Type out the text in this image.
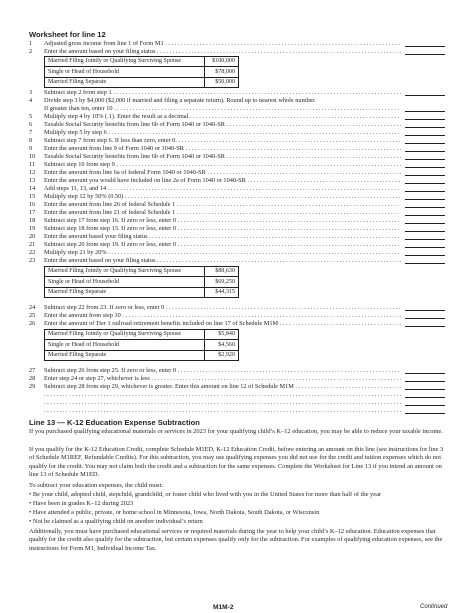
Worksheet for line 12
1	Adjusted gross income from line 1 of Form M1 . . .
2	Enter the amount based on your filing status . . .
Married Filing Jointly or Qualifying Surviving Spouse	$100,000
Single or Head of Household	$78,000
Married Filing Separate	$50,000
3	Subtract step 2 from step 1 . . .
4	Divide step 3 by $4,000 ($2,000 if married and filing a separate return). Round up to nearest whole number.
If greater than ten, enter 10 . . .
5	Multiply step 4 by 10% (.1). Enter the result as a decimal . . .
6	Taxable Social Security benefits from line 6b of Form 1040 or 1040-SR . . .
7	Multiply step 5 by step 6 . . .
8	Subtract step 7 from step 6. If less than zero, enter 0. . . .
9	Enter the amount from line 9 of Form 1040 or 1040-SR . . .
10	Taxable Social Security benefits from line 6b of Form 1040 or 1040-SR . . .
11	Subtract step 10 from step 9 . . .
12	Enter the amount from line 6a of federal Form 1040 or 1040-SR . . .
13	Enter the amount you would have included on line 2a of Form 1040 or 1040-SR . . .
14	Add steps 11, 13, and 14 . . .
15	Multiply step 12 by 50% (0.50) . . .
16	Enter the amount from line 26 of federal Schedule 1 . . .
17	Enter the amount from line 21 of federal Schedule 1 . . .
18	Subtract step 17 from step 16. If zero or less, enter 0 . . .
19	Subtract step 18 from step 15. If zero or less, enter 0 . . .
20	Enter the amount based your filing status . . .
21	Subtract step 20 from step 19. If zero or less, enter 0 . . .
22	Multiply step 21 by 20% . . .
23	Enter the amount based on your filing status . . .
Married Filing Jointly or Qualifying Surviving Spouse	$88,630
Single or Head of Household	$69,250
Married Filing Separate	$44,315
24	Subtract step 22 from 23. If zero or less, enter 0 . . .
25	Enter the amount from step 10 . . .
26	Enter the amount of Tier 1 railroad retirement benefits included on line 17 of Schedule M1M . . .
Married Filing Jointly or Qualifying Surviving Spouse	$5,840
Single or Head of Household	$4,560
Married Filing Separate	$2,920
27	Subtract step 26 from step 25. If zero or less, enter 0 . . .
28	Enter step 24 or step 27, whichever is less . . .
29	Subtract step 28 from step 29, whichever is greater. Enter this amount on line 12 of Schedule M1M . . .
. . .
. . .
. . .
Line 13 — K-12 Education Expense Subtraction
If you purchased qualifying educational materials or services in 2023 for your qualifying child’s K–12 education, you may be able to reduce your taxable income.
If you qualify for the K-12 Education Credit, complete Schedule M1ED, K-12 Education Credit, before entering an amount on this line (see instructions for line 3 of Schedule M1REF, Refundable Credits). For this subtraction, you may use qualifying expenses you did not use for the credit and tuition expenses which do not qualify for the credit. You may not claim both the credit and a subtraction for the same expenses. Complete the Worksheet for Line 13 if you intend an amount on line 13 of Schedule M1ED.
To subtract your education expenses, the child must:
• Be your child, adopted child, stepchild, grandchild, or foster child who lived with you in the United States for more than half of the year
• Have been in grades K–12 during 2023
• Have attended a public, private, or home school in Minnesota, Iowa, North Dakota, South Dakota, or Wisconsin
• Not be claimed as a qualifying child on another individual’s return
Additionally, you must have purchased educational services or required materials during the year to help your child’s K–12 education. Education expenses that qualify for the credit also qualify for the subtraction, but certain expenses qualify only for the subtraction. For examples of qualifying education expenses, see the instructions for Form M1, Individual Income Tax.
M1M-2	Continued
